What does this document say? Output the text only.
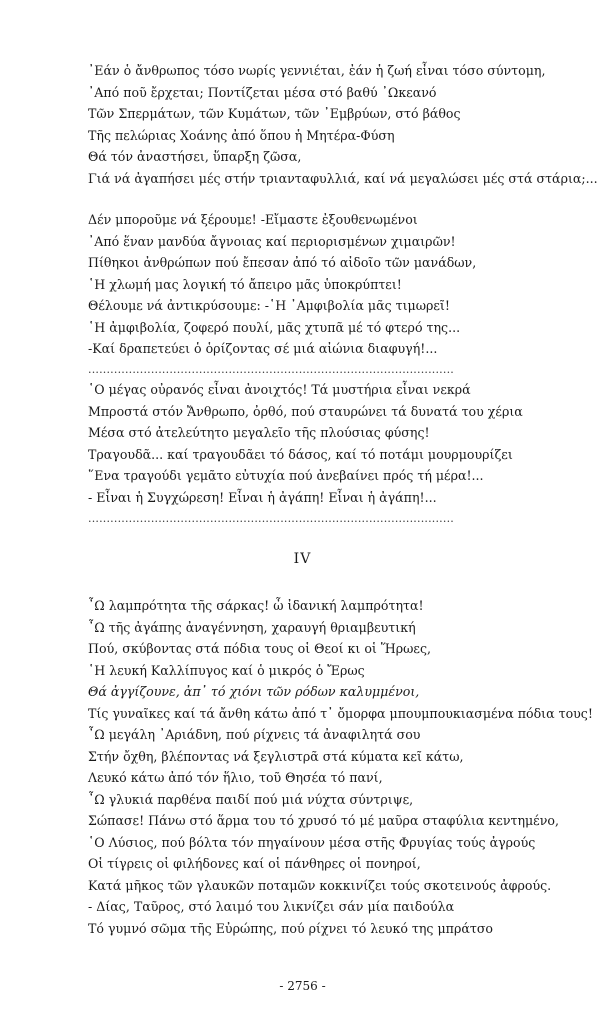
᾿Εάν ὁ ἄνθρωπος τόσο νωρίς γεννιέται, ἐάν ἡ ζωή εἶναι τόσο σύντομη,
᾿Από ποῦ ἔρχεται; Ποντίζεται μέσα στό βαθύ ᾿Ωκεανό
Τῶν Σπερμάτων, τῶν Κυμάτων, τῶν ᾿Εμβρύων, στό βάθος
Τῆς πελώριας Χοάνης ἀπό ὅπου ἡ Μητέρα-Φύση
Θά τόν ἀναστήσει, ὕπαρξη ζῶσα,
Γιά νά ἀγαπήσει μές στήν τριανταφυλλιά, καί νά μεγαλώσει μές στά στάρια;...
Δέν μποροῦμε νά ξέρουμε! -Εἴμαστε ἐξουθενωμένοι
᾿Από ἕναν μανδύα ἄγνοιας καί περιορισμένων χιμαιρῶν!
Πίθηκοι ἀνθρώπων πού ἔπεσαν ἀπό τό αἰδοῖο τῶν μανάδων,
῾Η χλωμή μας λογική τό ἄπειρο μᾶς ὑποκρύπτει!
Θέλουμε νά ἀντικρύσουμε: -῾Η ᾿Αμφιβολία μᾶς τιμωρεῖ!
῾Η ἀμφιβολία, ζοφερό πουλί, μᾶς χτυπᾶ μέ τό φτερό της...
-Καί δραπετεύει ὁ ὁρίζοντας σέ μιά αἰώνια διαφυγή!...
...................................................................................................
῾Ο μέγας οὐρανός εἶναι ἀνοιχτός! Τά μυστήρια εἶναι νεκρά
Μπροστά στόν Ἄνθρωπο, ὀρθό, πού σταυρώνει τά δυνατά του χέρια
Μέσα στό ἀτελεύτητο μεγαλεῖο τῆς πλούσιας φύσης!
Τραγουδᾶ... καί τραγουδᾶει τό δάσος, καί τό ποτάμι μουρμουρίζει
῞Ενα τραγούδι γεμᾶτο εὐτυχία πού ἀνεβαίνει πρός τή μέρα!...
- Εἶναι ἡ Συγχώρεση! Εἶναι ἡ ἀγάπη! Εἶναι ἡ ἀγάπη!...
...................................................................................................
IV
῏Ω λαμπρότητα τῆς σάρκας! ὦ ἰδανική λαμπρότητα!
῏Ω τῆς ἀγάπης ἀναγέννηση, χαραυγή θριαμβευτική
Πού, σκύβοντας στά πόδια τους οἱ Θεοί κι οἱ Ἥρωες,
῾Η λευκή Καλλίπυγος καί ὁ μικρός ὁ Ἔρως
Θά ἀγγίζουνε, ἀπ᾿ τό χιόνι τῶν ρόδων καλυμμένοι,
Τίς γυναῖκες καί τά ἄνθη κάτω ἀπό τ᾿ ὄμορφα μπουμπουκιασμένα πόδια τους!
῏Ω μεγάλη ᾿Αριάδνη, πού ρίχνεις τά ἀναφιλητά σου
Στήν ὄχθη, βλέποντας νά ξεγλιστρᾶ στά κύματα κεῖ κάτω,
Λευκό κάτω ἀπό τόν ἥλιο, τοῦ Θησέα τό πανί,
῏Ω γλυκιά παρθένα παιδί πού μιά νύχτα σύντριψε,
Σώπασε! Πάνω στό ἅρμα του τό χρυσό τό μέ μαῦρα σταφύλια κεντημένο,
῾Ο Λύσιος, πού βόλτα τόν πηγαίνουν μέσα στῆς Φρυγίας τούς ἀγρούς
Οἱ τίγρεις οἱ φιλήδονες καί οἱ πάνθηρες οἱ πονηροί,
Κατά μῆκος τῶν γλαυκῶν ποταμῶν κοκκινίζει τούς σκοτεινούς ἀφρούς.
- Δίας, Ταῦρος, στό λαιμό του λικνίζει σάν μία παιδούλα
Τό γυμνό σῶμα τῆς Εὐρώπης, πού ρίχνει τό λευκό της μπράτσο
- 2756 -
